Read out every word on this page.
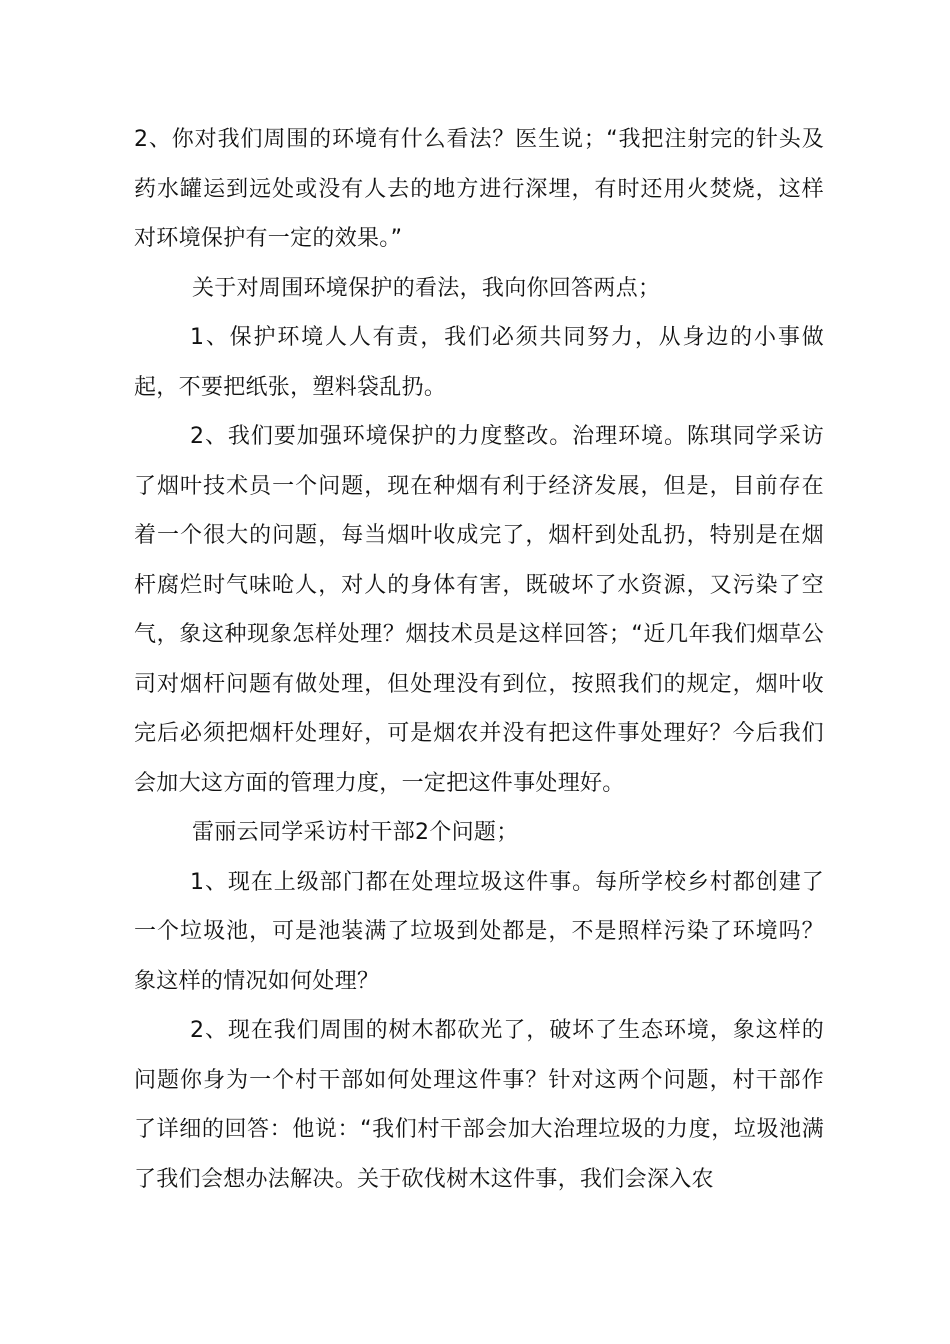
2、你对我们周围的环境有什么看法？医生说；“我把注射完的针头及药水罐运到远处或没有人去的地方进行深埋，有时还用火焚烧，这样对环境保护有一定的效果。”

关于对周围环境保护的看法，我向你回答两点；

1、保护环境人人有责，我们必须共同努力，从身边的小事做起，不要把纸张，塑料袋乱扔。

2、我们要加强环境保护的力度整改。治理环境。陈琪同学采访了烟叶技术员一个问题，现在种烟有利于经济发展，但是，目前存在着一个很大的问题，每当烟叶收成完了，烟杆到处乱扔，特别是在烟杆腐烂时气味呛人，对人的身体有害，既破坏了水资源，又污染了空气，象这种现象怎样处理？烟技术员是这样回答；“近几年我们烟草公司对烟杆问题有做处理，但处理没有到位，按照我们的规定，烟叶收完后必须把烟杆处理好，可是烟农并没有把这件事处理好？今后我们会加大这方面的管理力度，一定把这件事处理好。

雷丽云同学采访村干部2个问题；

1、现在上级部门都在处理垃圾这件事。每所学校乡村都创建了一个垃圾池，可是池装满了垃圾到处都是，不是照样污染了环境吗？象这样的情况如何处理？

2、现在我们周围的树木都砍光了，破坏了生态环境，象这样的问题你身为一个村干部如何处理这件事？针对这两个问题，村干部作了详细的回答：他说：“我们村干部会加大治理垃圾的力度，垃圾池满了我们会想办法解决。关于砍伐树木这件事，我们会深入农
